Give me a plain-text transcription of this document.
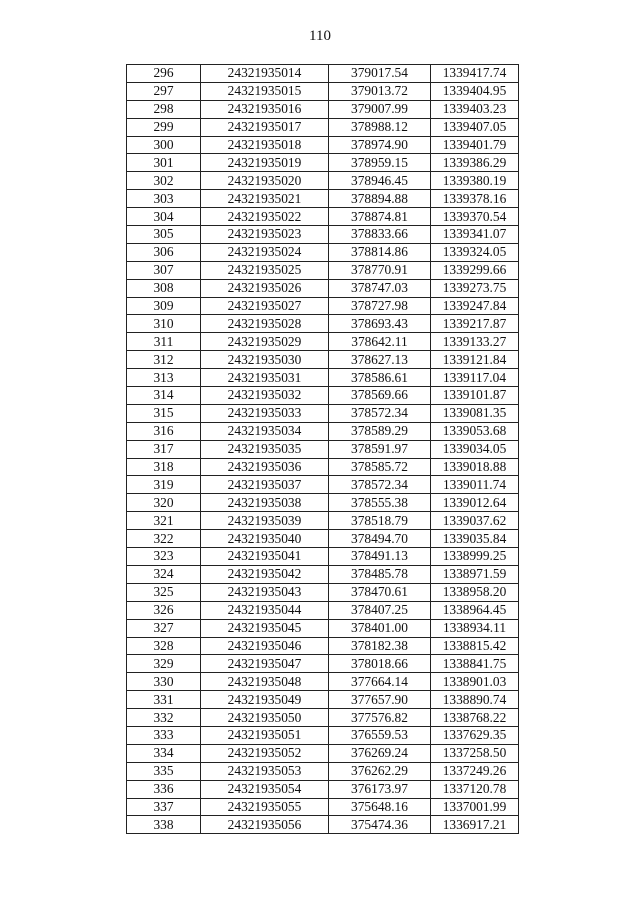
110
296	24321935014	379017.54	1339417.74
297	24321935015	379013.72	1339404.95
298	24321935016	379007.99	1339403.23
299	24321935017	378988.12	1339407.05
300	24321935018	378974.90	1339401.79
301	24321935019	378959.15	1339386.29
302	24321935020	378946.45	1339380.19
303	24321935021	378894.88	1339378.16
304	24321935022	378874.81	1339370.54
305	24321935023	378833.66	1339341.07
306	24321935024	378814.86	1339324.05
307	24321935025	378770.91	1339299.66
308	24321935026	378747.03	1339273.75
309	24321935027	378727.98	1339247.84
310	24321935028	378693.43	1339217.87
311	24321935029	378642.11	1339133.27
312	24321935030	378627.13	1339121.84
313	24321935031	378586.61	1339117.04
314	24321935032	378569.66	1339101.87
315	24321935033	378572.34	1339081.35
316	24321935034	378589.29	1339053.68
317	24321935035	378591.97	1339034.05
318	24321935036	378585.72	1339018.88
319	24321935037	378572.34	1339011.74
320	24321935038	378555.38	1339012.64
321	24321935039	378518.79	1339037.62
322	24321935040	378494.70	1339035.84
323	24321935041	378491.13	1338999.25
324	24321935042	378485.78	1338971.59
325	24321935043	378470.61	1338958.20
326	24321935044	378407.25	1338964.45
327	24321935045	378401.00	1338934.11
328	24321935046	378182.38	1338815.42
329	24321935047	378018.66	1338841.75
330	24321935048	377664.14	1338901.03
331	24321935049	377657.90	1338890.74
332	24321935050	377576.82	1338768.22
333	24321935051	376559.53	1337629.35
334	24321935052	376269.24	1337258.50
335	24321935053	376262.29	1337249.26
336	24321935054	376173.97	1337120.78
337	24321935055	375648.16	1337001.99
338	24321935056	375474.36	1336917.21
